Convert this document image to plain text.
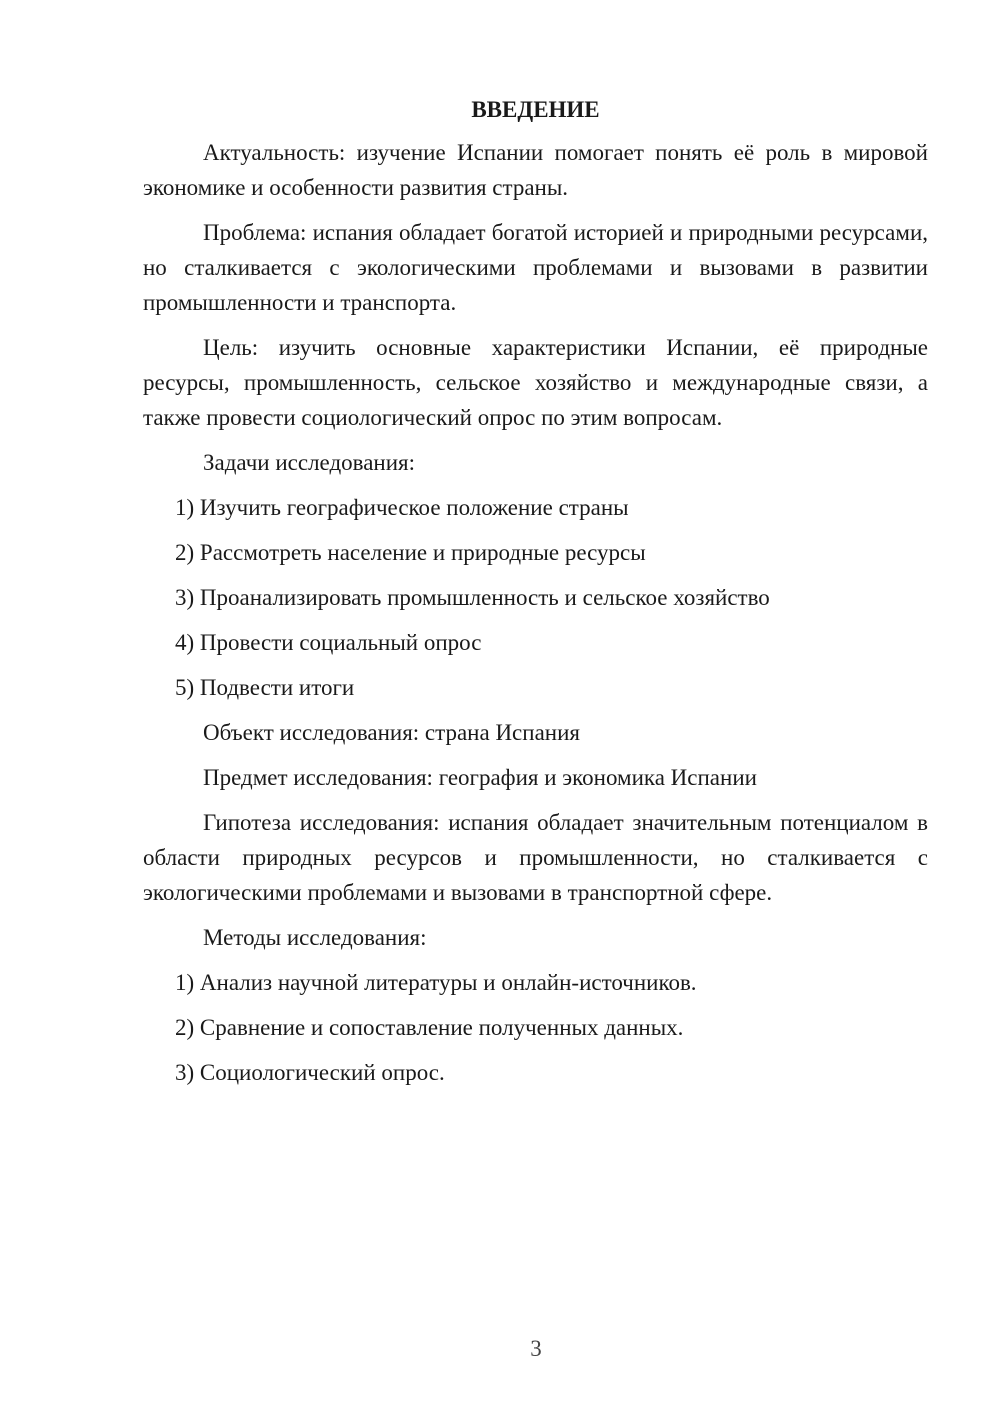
ВВЕДЕНИЕ

Актуальность: изучение Испании помогает понять её роль в мировой экономике и особенности развития страны.

Проблема: испания обладает богатой историей и природными ресурсами, но сталкивается с экологическими проблемами и вызовами в развитии промышленности и транспорта.

Цель: изучить основные характеристики Испании, её природные ресурсы, промышленность, сельское хозяйство и международные связи, а также провести социологический опрос по этим вопросам.

Задачи исследования:
1) Изучить географическое положение страны
2) Рассмотреть население и природные ресурсы
3) Проанализировать промышленность и сельское хозяйство
4) Провести социальный опрос
5) Подвести итоги
Объект исследования: страна Испания
Предмет исследования: география и экономика Испании

Гипотеза исследования: испания обладает значительным потенциалом в области природных ресурсов и промышленности, но сталкивается с экологическими проблемами и вызовами в транспортной сфере.

Методы исследования:
1) Анализ научной литературы и онлайн-источников.
2) Сравнение и сопоставление полученных данных.
3) Социологический опрос.
3
